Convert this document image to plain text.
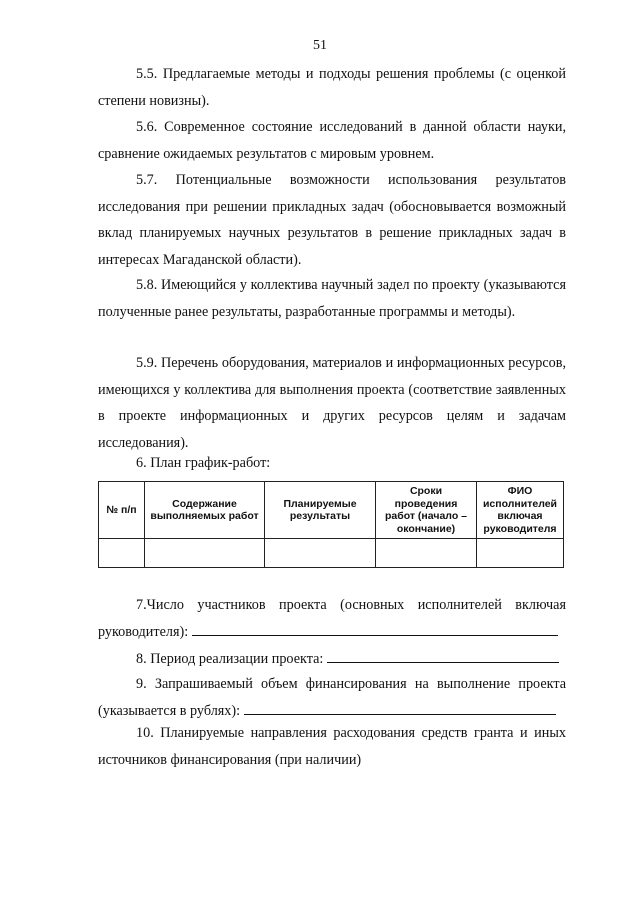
51

5.5. Предлагаемые методы и подходы решения проблемы (с оценкой степени новизны).

5.6. Современное состояние исследований в данной области науки, сравнение ожидаемых результатов с мировым уровнем.

5.7. Потенциальные возможности использования результатов исследования при решении прикладных задач (обосновывается возможный вклад планируемых научных результатов в решение прикладных задач в интересах Магаданской области).

5.8. Имеющийся у коллектива научный задел по проекту (указываются полученные ранее результаты, разработанные программы и методы).

5.9. Перечень оборудования, материалов и информационных ресурсов, имеющихся у коллектива для выполнения проекта (соответствие заявленных в проекте информационных и других ресурсов целям и задачам исследования).

6. План график-работ:
№ п/п	Содержание выполняемых работ	Планируемые результаты	Сроки проведения работ (начало – окончание)	ФИО исполнителей включая руководителя

7.Число участников проекта (основных исполнителей включая руководителя):
8. Период реализации проекта:
9. Запрашиваемый объем финансирования на выполнение проекта (указывается в рублях):

10. Планируемые направления расходования средств гранта и иных источников финансирования (при наличии)
